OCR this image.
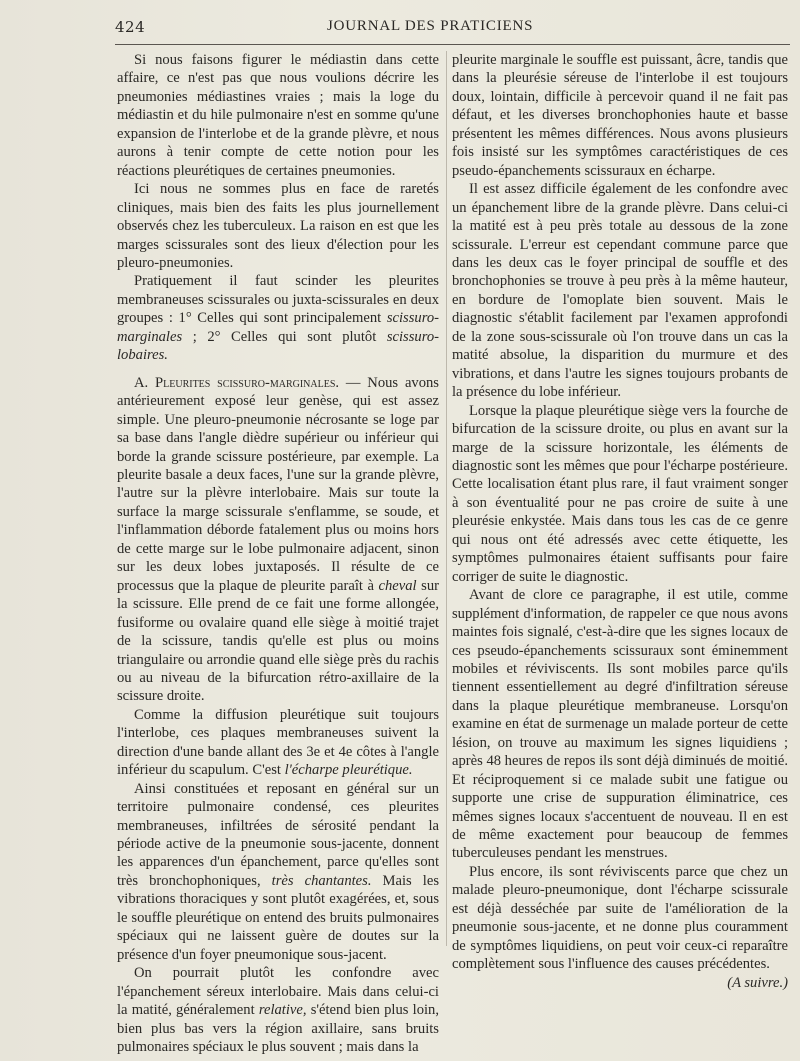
424	JOURNAL DES PRATICIENS

Si nous faisons figurer le médiastin dans cette affaire, ce n'est pas que nous voulions décrire les pneumonies médiastines vraies ; mais la loge du médiastin et du hile pulmonaire n'est en somme qu'une expansion de l'interlobe et de la grande plèvre, et nous aurons à tenir compte de cette notion pour les réactions pleurétiques de certaines pneumonies.

Ici nous ne sommes plus en face de raretés cliniques, mais bien des faits les plus journellement observés chez les tuberculeux. La raison en est que les marges scissurales sont des lieux d'élection pour les pleuro-pneumonies.

Pratiquement il faut scinder les pleurites membraneuses scissurales ou juxta-scissurales en deux groupes : 1° Celles qui sont principalement scissuro-marginales ; 2° Celles qui sont plutôt scissuro-lobaires.

A. Pleurites scissuro-marginales. — Nous avons antérieurement exposé leur genèse, qui est assez simple. Une pleuro-pneumonie nécrosante se loge par sa base dans l'angle dièdre supérieur ou inférieur qui borde la grande scissure postérieure, par exemple. La pleurite basale a deux faces, l'une sur la grande plèvre, l'autre sur la plèvre interlobaire. Mais sur toute la surface la marge scissurale s'enflamme, se soude, et l'inflammation déborde fatalement plus ou moins hors de cette marge sur le lobe pulmonaire adjacent, sinon sur les deux lobes juxtaposés. Il résulte de ce processus que la plaque de pleurite paraît à cheval sur la scissure. Elle prend de ce fait une forme allongée, fusiforme ou ovalaire quand elle siège à moitié trajet de la scissure, tandis qu'elle est plus ou moins triangulaire ou arrondie quand elle siège près du rachis ou au niveau de la bifurcation rétro-axillaire de la scissure droite.

Comme la diffusion pleurétique suit toujours l'interlobe, ces plaques membraneuses suivent la direction d'une bande allant des 3e et 4e côtes à l'angle inférieur du scapulum. C'est l'écharpe pleurétique.

Ainsi constituées et reposant en général sur un territoire pulmonaire condensé, ces pleurites membraneuses, infiltrées de sérosité pendant la période active de la pneumonie sous-jacente, donnent les apparences d'un épanchement, parce qu'elles sont très bronchophoniques, très chantantes. Mais les vibrations thoraciques y sont plutôt exagérées, et, sous le souffle pleurétique on entend des bruits pulmonaires spéciaux qui ne laissent guère de doutes sur la présence d'un foyer pneumonique sous-jacent.

On pourrait plutôt les confondre avec l'épanchement séreux interlobaire. Mais dans celui-ci la matité, généralement relative, s'étend bien plus loin, bien plus bas vers la région axillaire, sans bruits pulmonaires spéciaux le plus souvent ; mais dans la

pleurite marginale le souffle est puissant, âcre, tandis que dans la pleurésie séreuse de l'interlobe il est toujours doux, lointain, difficile à percevoir quand il ne fait pas défaut, et les diverses bronchophonies haute et basse présentent les mêmes différences. Nous avons plusieurs fois insisté sur les symptômes caractéristiques de ces pseudo-épanchements scissuraux en écharpe.

Il est assez difficile également de les confondre avec un épanchement libre de la grande plèvre. Dans celui-ci la matité est à peu près totale au dessous de la zone scissurale. L'erreur est cependant commune parce que dans les deux cas le foyer principal de souffle et des bronchophonies se trouve à peu près à la même hauteur, en bordure de l'omoplate bien souvent. Mais le diagnostic s'établit facilement par l'examen approfondi de la zone sous-scissurale où l'on trouve dans un cas la matité absolue, la disparition du murmure et des vibrations, et dans l'autre les signes toujours probants de la présence du lobe inférieur.

Lorsque la plaque pleurétique siège vers la fourche de bifurcation de la scissure droite, ou plus en avant sur la marge de la scissure horizontale, les éléments de diagnostic sont les mêmes que pour l'écharpe postérieure. Cette localisation étant plus rare, il faut vraiment songer à son éventualité pour ne pas croire de suite à une pleurésie enkystée. Mais dans tous les cas de ce genre qui nous ont été adressés avec cette étiquette, les symptômes pulmonaires étaient suffisants pour faire corriger de suite le diagnostic.

Avant de clore ce paragraphe, il est utile, comme supplément d'information, de rappeler ce que nous avons maintes fois signalé, c'est-à-dire que les signes locaux de ces pseudo-épanchements scissuraux sont éminemment mobiles et réviviscents. Ils sont mobiles parce qu'ils tiennent essentiellement au degré d'infiltration séreuse dans la plaque pleurétique membraneuse. Lorsqu'on examine en état de surmenage un malade porteur de cette lésion, on trouve au maximum les signes liquidiens ; après 48 heures de repos ils sont déjà diminués de moitié. Et réciproquement si ce malade subit une fatigue ou supporte une crise de suppuration éliminatrice, ces mêmes signes locaux s'accentuent de nouveau. Il en est de même exactement pour beaucoup de femmes tuberculeuses pendant les menstrues.

Plus encore, ils sont réviviscents parce que chez un malade pleuro-pneumonique, dont l'écharpe scissurale est déjà desséchée par suite de l'amélioration de la pneumonie sous-jacente, et ne donne plus couramment de symptômes liquidiens, on peut voir ceux-ci reparaître complètement sous l'influence des causes précédentes.

(A suivre.)
